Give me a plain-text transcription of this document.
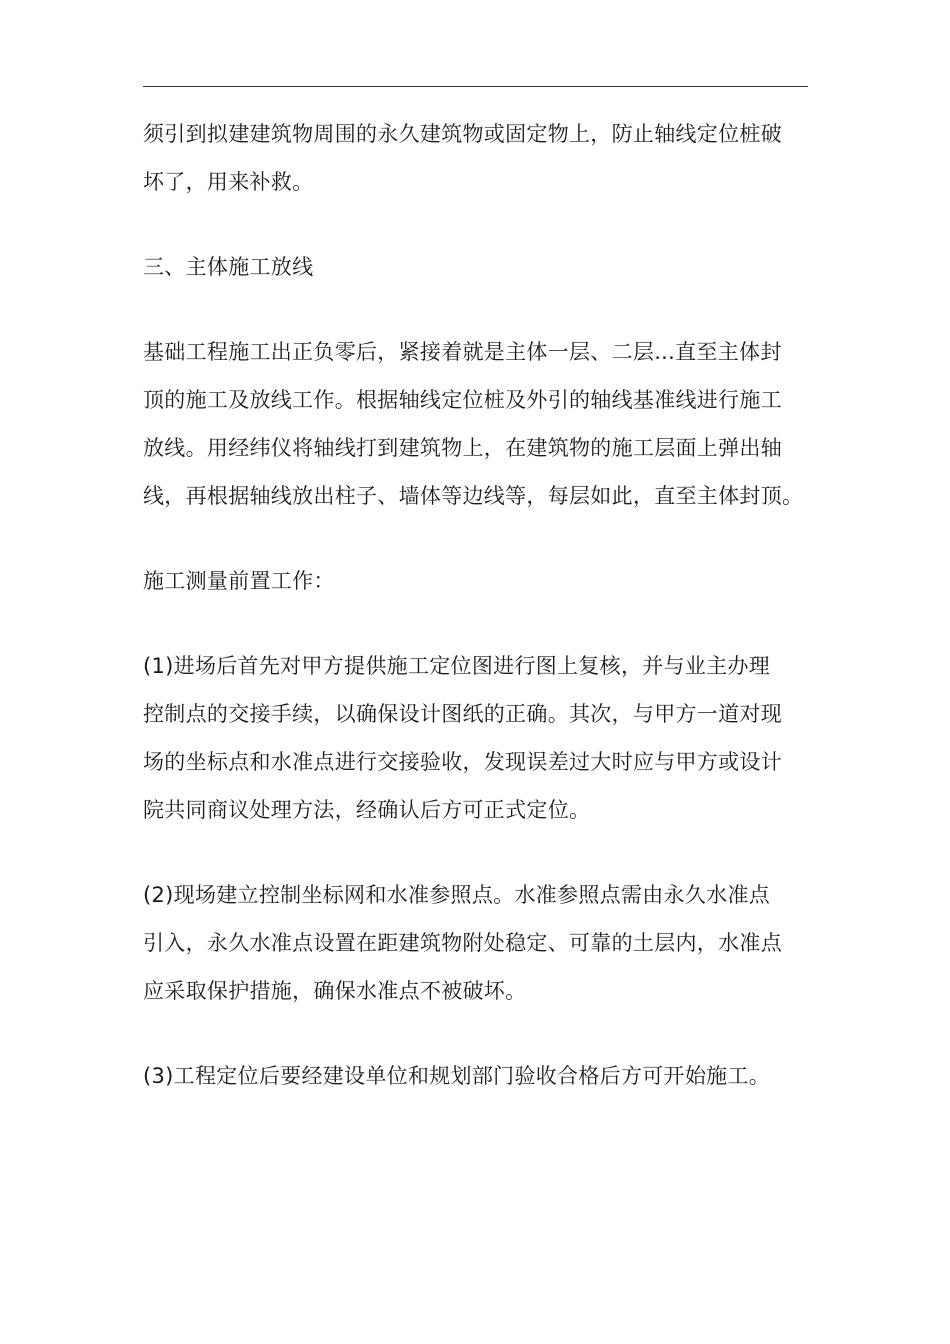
须引到拟建建筑物周围的永久建筑物或固定物上，防止轴线定位桩破
坏了，用来补救。

三、主体施工放线

基础工程施工出正负零后，紧接着就是主体一层、二层...直至主体封
顶的施工及放线工作。根据轴线定位桩及外引的轴线基准线进行施工
放线。用经纬仪将轴线打到建筑物上，在建筑物的施工层面上弹出轴
线，再根据轴线放出柱子、墙体等边线等，每层如此，直至主体封顶。

施工测量前置工作：

(1)进场后首先对甲方提供施工定位图进行图上复核，并与业主办理
控制点的交接手续，以确保设计图纸的正确。其次，与甲方一道对现
场的坐标点和水准点进行交接验收，发现误差过大时应与甲方或设计
院共同商议处理方法，经确认后方可正式定位。

(2)现场建立控制坐标网和水准参照点。水准参照点需由永久水准点
引入，永久水准点设置在距建筑物附处稳定、可靠的土层内，水准点
应采取保护措施，确保水准点不被破坏。

(3)工程定位后要经建设单位和规划部门验收合格后方可开始施工。
